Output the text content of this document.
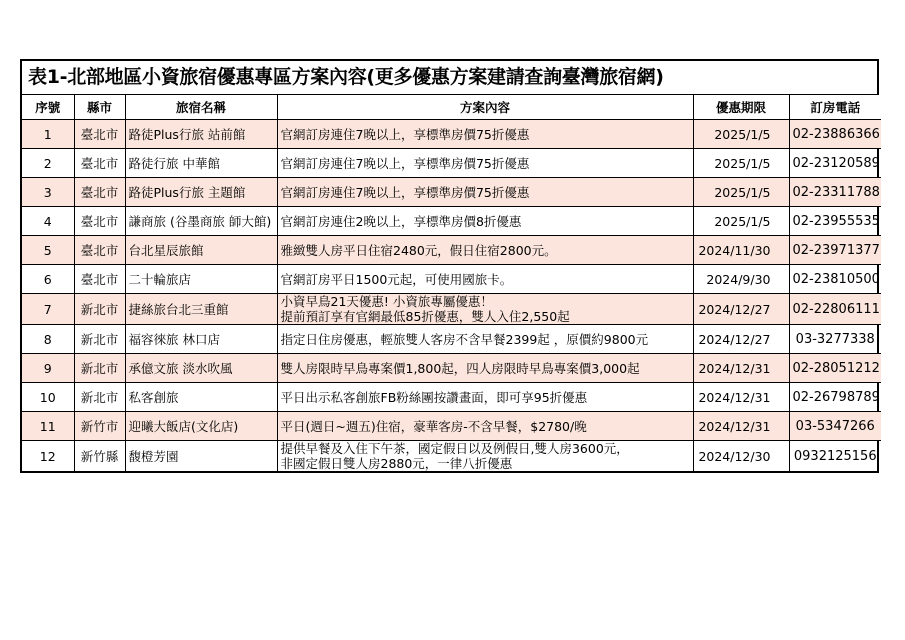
表1-北部地區小資旅宿優惠專區方案內容(更多優惠方案建請查詢臺灣旅宿網)
序號	縣市	旅宿名稱	方案內容	優惠期限	訂房電話
1	臺北市	路徒Plus行旅 站前館	官網訂房連住7晚以上，享標準房價75折優惠	2025/1/5	02-23886366
2	臺北市	路徒行旅 中華館	官網訂房連住7晚以上，享標準房價75折優惠	2025/1/5	02-23120589
3	臺北市	路徒Plus行旅 主題館	官網訂房連住7晚以上，享標準房價75折優惠	2025/1/5	02-23311788
4	臺北市	謙商旅 (谷墨商旅 師大館)	官網訂房連住2晚以上，享標準房價8折優惠	2025/1/5	02-23955535
5	臺北市	台北星辰旅館	雅緻雙人房平日住宿2480元，假日住宿2800元。	2024/11/30	02-23971377
6	臺北市	二十輪旅店	官網訂房平日1500元起，可使用國旅卡。	2024/9/30	02-23810500
7	新北市	捷絲旅台北三重館	小資早鳥21天優惠! 小資旅專屬優惠！
提前預訂享有官網最低85折優惠，雙人入住2,550起	2024/12/27	02-22806111
8	新北市	福容徠旅 林口店	指定日住房優惠，輕旅雙人客房不含早餐2399起 ，原價約9800元	2024/12/27	03-3277338
9	新北市	承億文旅 淡水吹風	雙人房限時早鳥專案價1,800起，四人房限時早鳥專案價3,000起	2024/12/31	02-28051212
10	新北市	私客創旅	平日出示私客創旅FB粉絲團按讚畫面，即可享95折優惠	2024/12/31	02-26798789
11	新竹市	迎曦大飯店(文化店)	平日(週日~週五)住宿，豪華客房-不含早餐，$2780/晚	2024/12/31	03-5347266
12	新竹縣	馥橙芳園	提供早餐及入住下午茶，國定假日以及例假日,雙人房3600元，
非國定假日雙人房2880元，一律八折優惠	2024/12/30	0932125156
